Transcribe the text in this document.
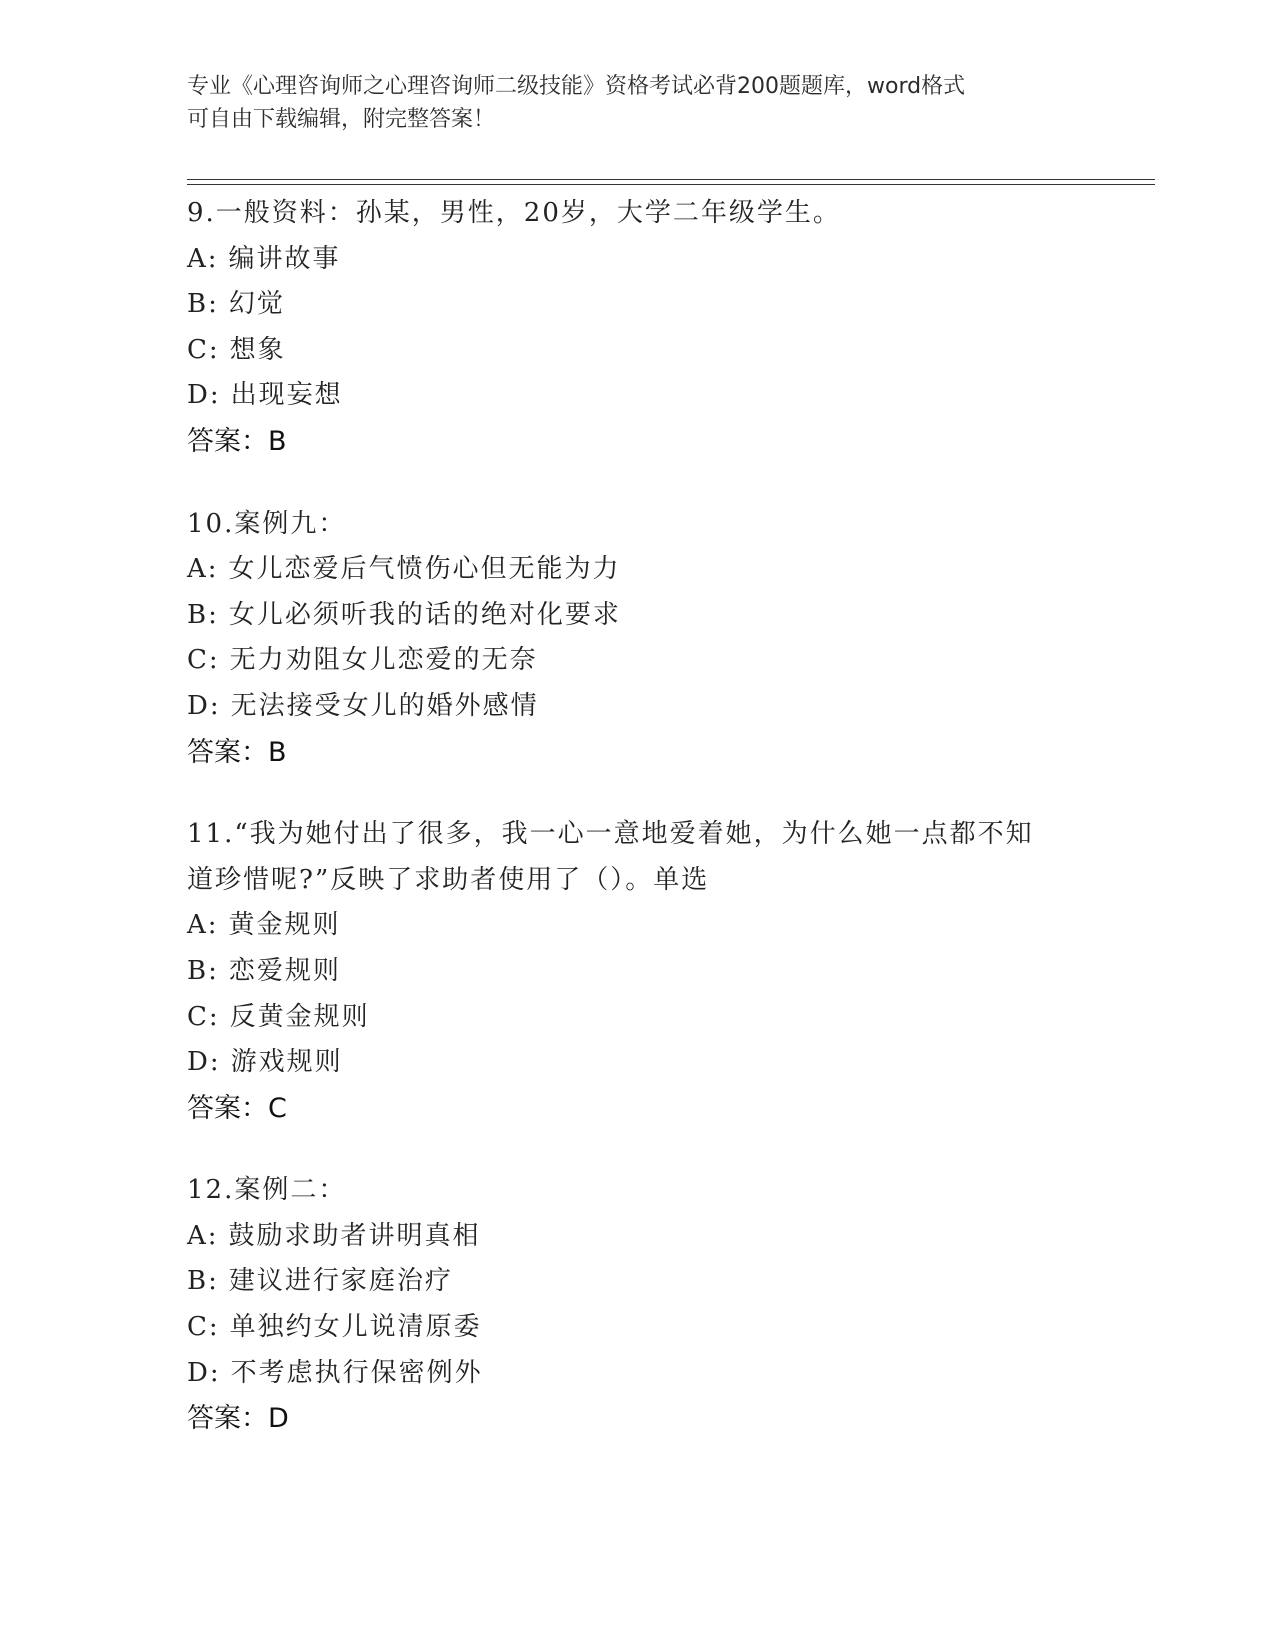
专业《心理咨询师之心理咨询师二级技能》资格考试必背200题题库，word格式

可自由下载编辑，附完整答案！

9.一般资料：孙某，男性，20岁，大学二年级学生。
A: 编讲故事
B: 幻觉
C: 想象
D: 出现妄想
答案：B
10.案例九：
A: 女儿恋爱后气愤伤心但无能为力
B: 女儿必须听我的话的绝对化要求
C: 无力劝阻女儿恋爱的无奈
D: 无法接受女儿的婚外感情
答案：B
11.“我为她付出了很多，我一心一意地爱着她，为什么她一点都不知
道珍惜呢?”反映了求助者使用了（）。单选
A: 黄金规则
B: 恋爱规则
C: 反黄金规则
D: 游戏规则
答案：C
12.案例二：
A: 鼓励求助者讲明真相
B: 建议进行家庭治疗
C: 单独约女儿说清原委
D: 不考虑执行保密例外
答案：D
